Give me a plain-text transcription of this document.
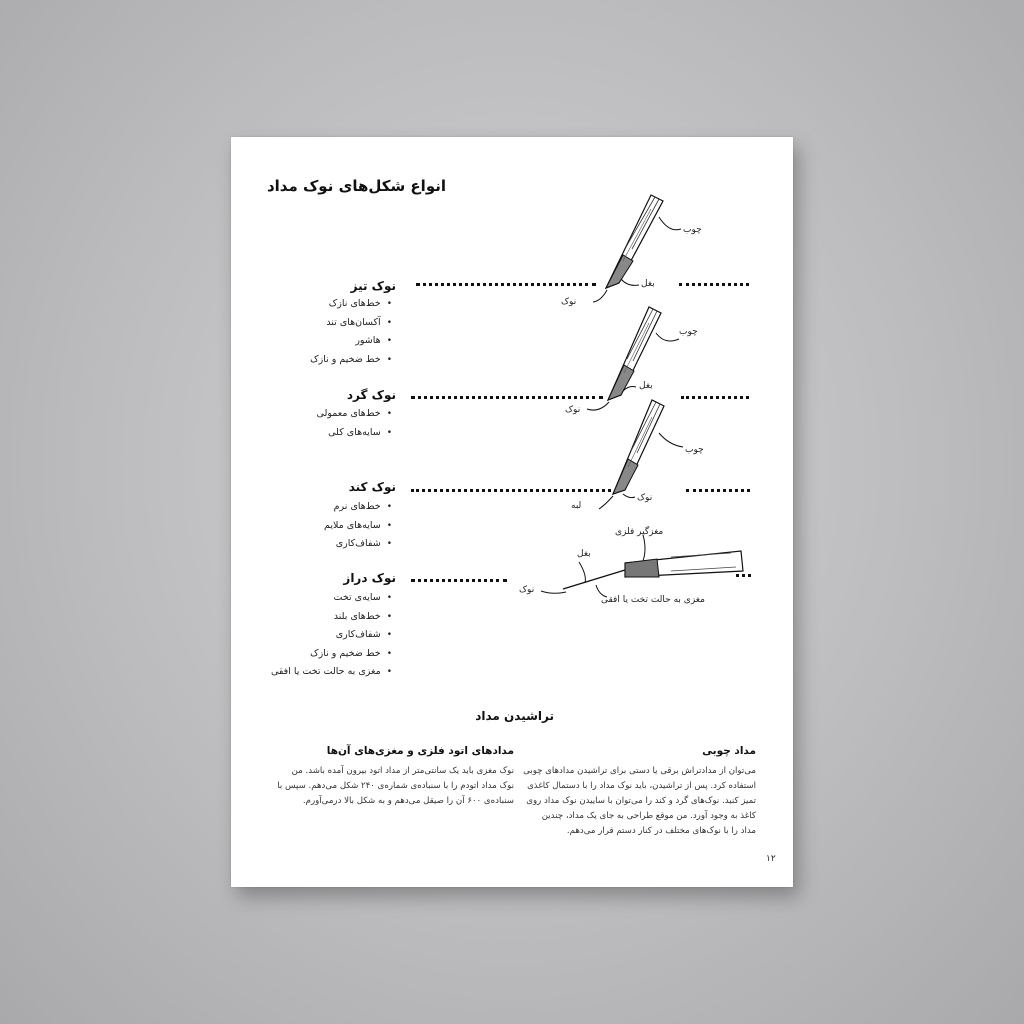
انواع شکل‌های نوک مداد
نوک تیز
• خط‌های نازک
• آکسان‌های تند
• هاشور
• خط ضخیم و نازک
نوک گرد
• خط‌های معمولی
• سایه‌های کلی
نوک کند
• خط‌های نرم
• سایه‌های ملایم
• شفاف‌کاری
نوک دراز
• سایه‌ی تخت
• خط‌های بلند
• شفاف‌کاری
• خط ضخیم و نازک
• مغزی به حالت تخت یا افقی
چوب
بغل
نوک
چوب
بغل
نوک
چوب
نوک
لبه
مغزگیر فلزی
بغل
نوک
مغزی به حالت تخت یا افقی
تراشیدن مداد
مداد چوبی
می‌توان از مدادتراش برقی یا دستی برای تراشیدن مدادهای چوبی
استفاده کرد. پس از تراشیدن، باید نوک مداد را با دستمال کاغذی
تمیز کنید. نوک‌های گرد و کند را می‌توان با ساییدن نوک مداد روی
کاغذ به وجود آورد. من موقع طراحی به جای یک مداد، چندین
مداد را با نوک‌های مختلف در کنار دستم قرار می‌دهم.
مدادهای اتود فلزی و مغزی‌های آن‌ها
نوک مغزی باید یک سانتی‌متر از مداد اتود بیرون آمده باشد. من
نوک مداد اتودم را با سنباده‌ی شماره‌ی ۲۴۰ شکل می‌دهم. سپس با
سنباده‌ی ۶۰۰ آن را صیقل می‌دهم و به شکل بالا درمی‌آورم.
۱۲
